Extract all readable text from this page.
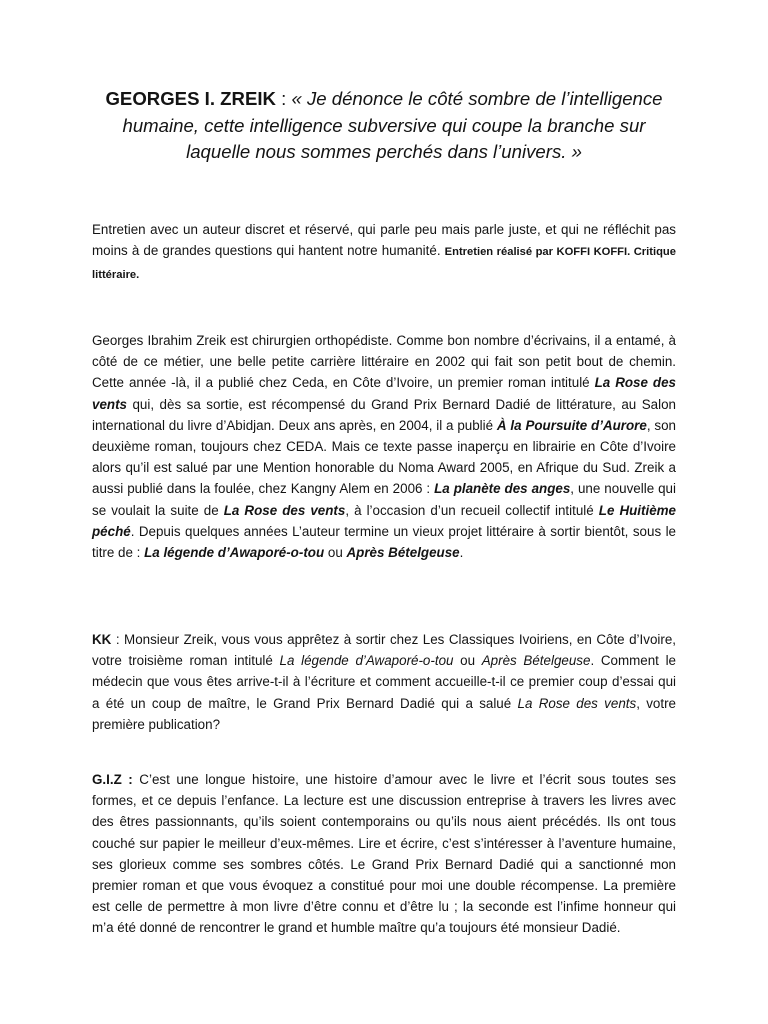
GEORGES I. ZREIK : « Je dénonce le côté sombre de l’intelligence humaine, cette intelligence subversive qui coupe la branche sur laquelle nous sommes perchés dans l’univers. »

Entretien avec un auteur discret et réservé, qui parle peu mais parle juste, et qui ne réfléchit pas moins à de grandes questions qui hantent notre humanité. Entretien réalisé par KOFFI KOFFI. Critique littéraire.

Georges Ibrahim Zreik est chirurgien orthopédiste. Comme bon nombre d’écrivains, il a entamé, à côté de ce métier, une belle petite carrière littéraire en 2002 qui fait son petit bout de chemin. Cette année -là, il a publié chez Ceda, en Côte d’Ivoire, un premier roman intitulé La Rose des vents qui, dès sa sortie, est récompensé du Grand Prix Bernard Dadié de littérature, au Salon international du livre d’Abidjan. Deux ans après, en 2004, il a publié À la Poursuite d’Aurore, son deuxième roman, toujours chez CEDA. Mais ce texte passe inaperçu en librairie en Côte d’Ivoire alors qu’il est salué par une Mention honorable du Noma Award 2005, en Afrique du Sud. Zreik a aussi publié dans la foulée, chez Kangny Alem en 2006 : La planète des anges, une nouvelle qui se voulait la suite de La Rose des vents, à l’occasion d’un recueil collectif intitulé Le Huitième péché. Depuis quelques années L’auteur termine un vieux projet littéraire à sortir bientôt, sous le titre de : La légende d’Awaporé-o-tou ou Après Bételgeuse.

KK : Monsieur Zreik, vous vous apprêtez à sortir chez Les Classiques Ivoiriens, en Côte d’Ivoire, votre troisième roman intitulé La légende d’Awaporé-o-tou ou Après Bételgeuse. Comment le médecin que vous êtes arrive-t-il à l’écriture et comment accueille-t-il ce premier coup d’essai qui a été un coup de maître, le Grand Prix Bernard Dadié qui a salué La Rose des vents, votre première publication?

G.I.Z : C’est une longue histoire, une histoire d’amour avec le livre et l’écrit sous toutes ses formes, et ce depuis l’enfance. La lecture est une discussion entreprise à travers les livres avec des êtres passionnants, qu’ils soient contemporains ou qu’ils nous aient précédés. Ils ont tous couché sur papier le meilleur d’eux-mêmes. Lire et écrire, c’est s’intéresser à l’aventure humaine, ses glorieux comme ses sombres côtés. Le Grand Prix Bernard Dadié qui a sanctionné mon premier roman et que vous évoquez a constitué pour moi une double récompense. La première est celle de permettre à mon livre d’être connu et d’être lu ; la seconde est l’infime honneur qui m’a été donné de rencontrer le grand et humble maître qu’a toujours été monsieur Dadié.
